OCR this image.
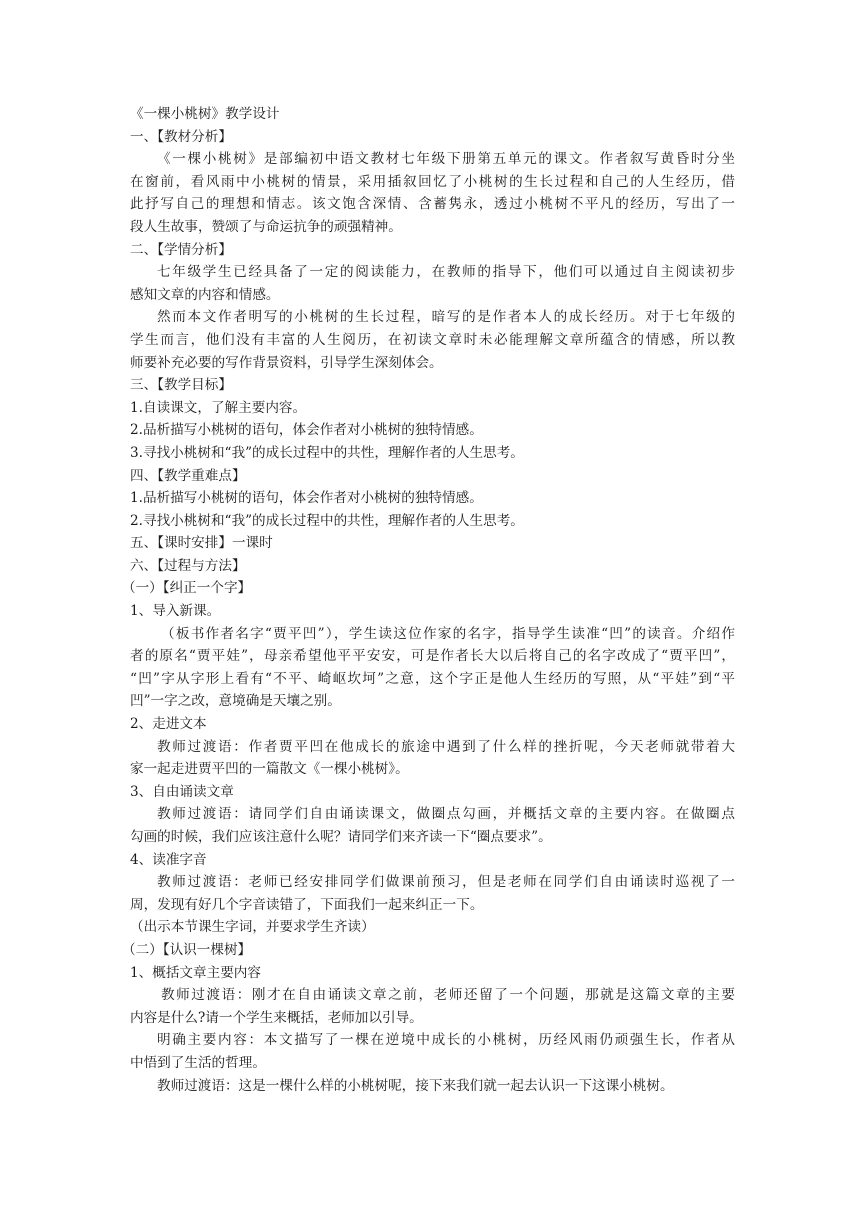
《一棵小桃树》教学设计
一、【教材分析】
《一棵小桃树》是部编初中语文教材七年级下册第五单元的课文。作者叙写黄昏时分坐
在窗前，看风雨中小桃树的情景，采用插叙回忆了小桃树的生长过程和自己的人生经历，借
此抒写自己的理想和情志。该文饱含深情、含蓄隽永，透过小桃树不平凡的经历，写出了一
段人生故事，赞颂了与命运抗争的顽强精神。
二、【学情分析】
七年级学生已经具备了一定的阅读能力，在教师的指导下，他们可以通过自主阅读初步
感知文章的内容和情感。
然而本文作者明写的小桃树的生长过程，暗写的是作者本人的成长经历。对于七年级的
学生而言，他们没有丰富的人生阅历，在初读文章时未必能理解文章所蕴含的情感，所以教
师要补充必要的写作背景资料，引导学生深刻体会。
三、【教学目标】
1.自读课文，了解主要内容。
2.品析描写小桃树的语句，体会作者对小桃树的独特情感。
3.寻找小桃树和“我”的成长过程中的共性，理解作者的人生思考。
四、【教学重难点】
1.品析描写小桃树的语句，体会作者对小桃树的独特情感。
2.寻找小桃树和“我”的成长过程中的共性，理解作者的人生思考。
五、【课时安排】一课时
六、【过程与方法】
（一）【纠正一个字】
1、导入新课。
（板书作者名字“贾平凹”），学生读这位作家的名字，指导学生读准“凹”的读音。介绍作
者的原名“贾平娃”，母亲希望他平平安安，可是作者长大以后将自己的名字改成了“贾平凹”，
“凹”字从字形上看有“不平、崎岖坎坷”之意，这个字正是他人生经历的写照，从“平娃”到“平
凹”一字之改，意境确是天壤之别。
2、走进文本
教师过渡语：作者贾平凹在他成长的旅途中遇到了什么样的挫折呢，今天老师就带着大
家一起走进贾平凹的一篇散文《一棵小桃树》。
3、自由诵读文章
教师过渡语：请同学们自由诵读课文，做圈点勾画，并概括文章的主要内容。在做圈点
勾画的时候，我们应该注意什么呢？请同学们来齐读一下“圈点要求”。
4、读准字音
教师过渡语：老师已经安排同学们做课前预习，但是老师在同学们自由诵读时巡视了一
周，发现有好几个字音读错了，下面我们一起来纠正一下。
（出示本节课生字词，并要求学生齐读）
（二）【认识一棵树】
1、概括文章主要内容
教师过渡语：刚才在自由诵读文章之前，老师还留了一个问题，那就是这篇文章的主要
内容是什么?请一个学生来概括，老师加以引导。
明确主要内容：本文描写了一棵在逆境中成长的小桃树，历经风雨仍顽强生长，作者从
中悟到了生活的哲理。
教师过渡语：这是一棵什么样的小桃树呢，接下来我们就一起去认识一下这课小桃树。
